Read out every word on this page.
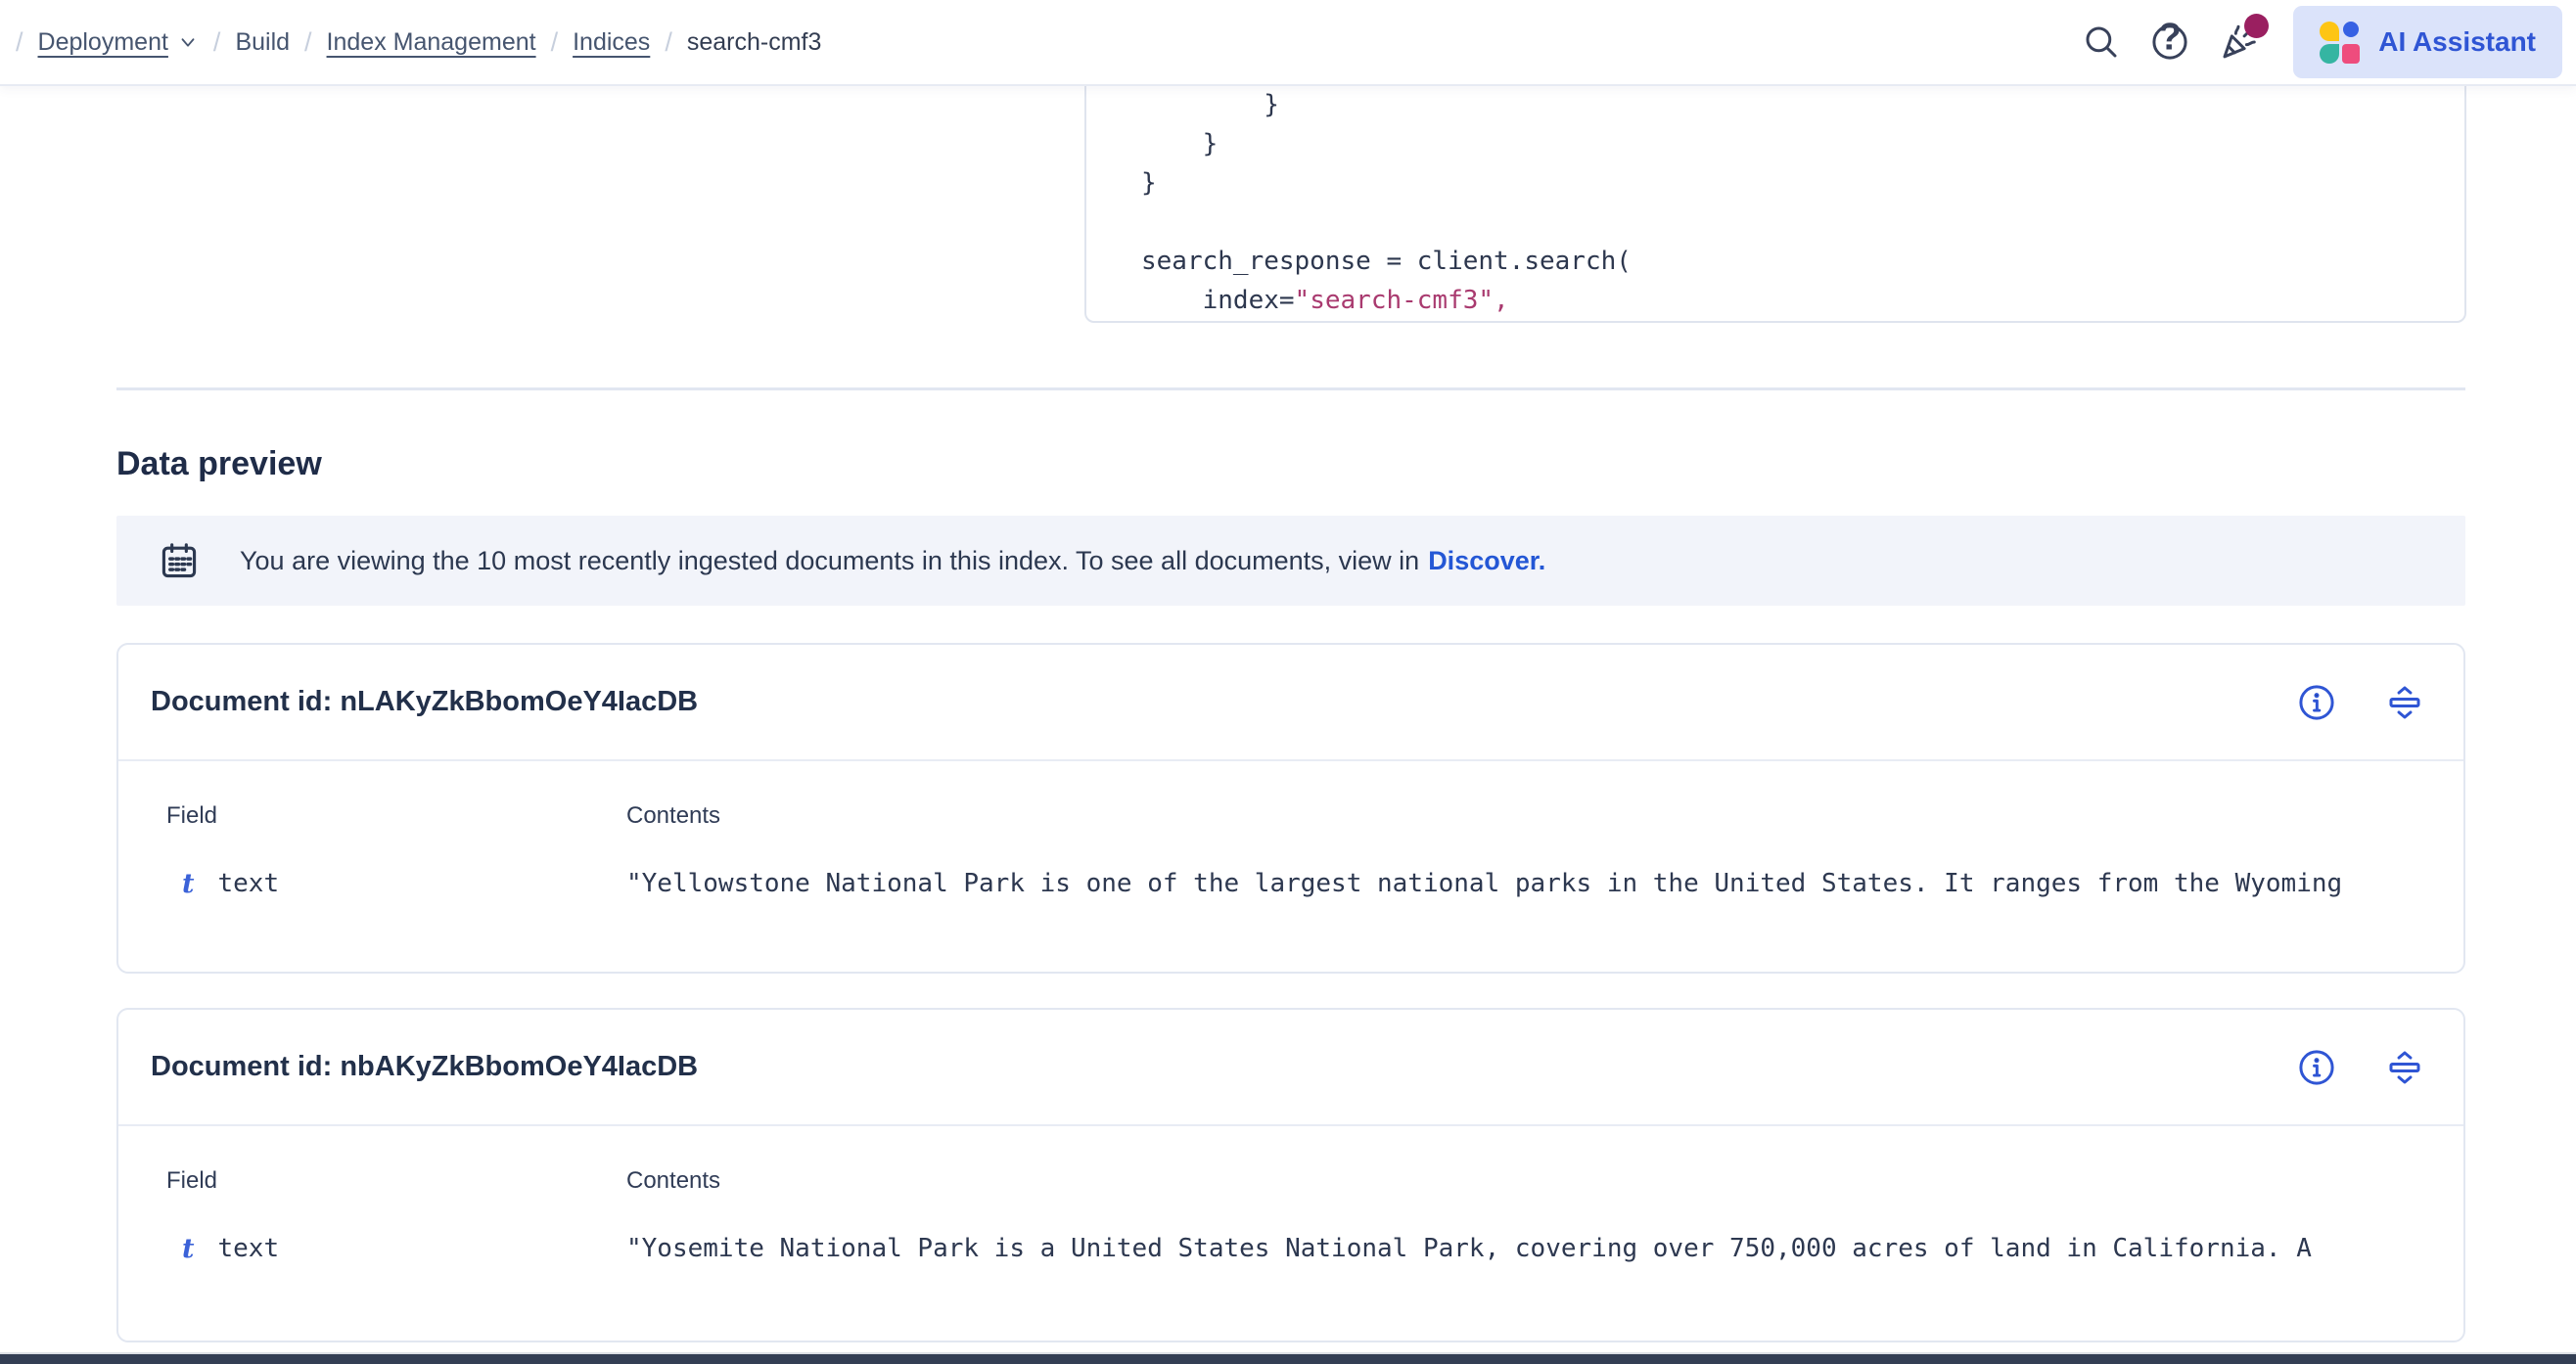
/ Deployment / Build / Index Management / Indices / search-cmf3	?	AI Assistant
}
}
}
search_response = client.search(
index="search-cmf3",
Data preview
You are viewing the 10 most recently ingested documents in this index. To see all documents, view in Discover.
Document id: nLAKyZkBbomOeY4IacDB
Field	Contents
t text	"Yellowstone National Park is one of the largest national parks in the United States. It ranges from the Wyoming
Document id: nbAKyZkBbomOeY4IacDB
Field	Contents
t text	"Yosemite National Park is a United States National Park, covering over 750,000 acres of land in California. A
